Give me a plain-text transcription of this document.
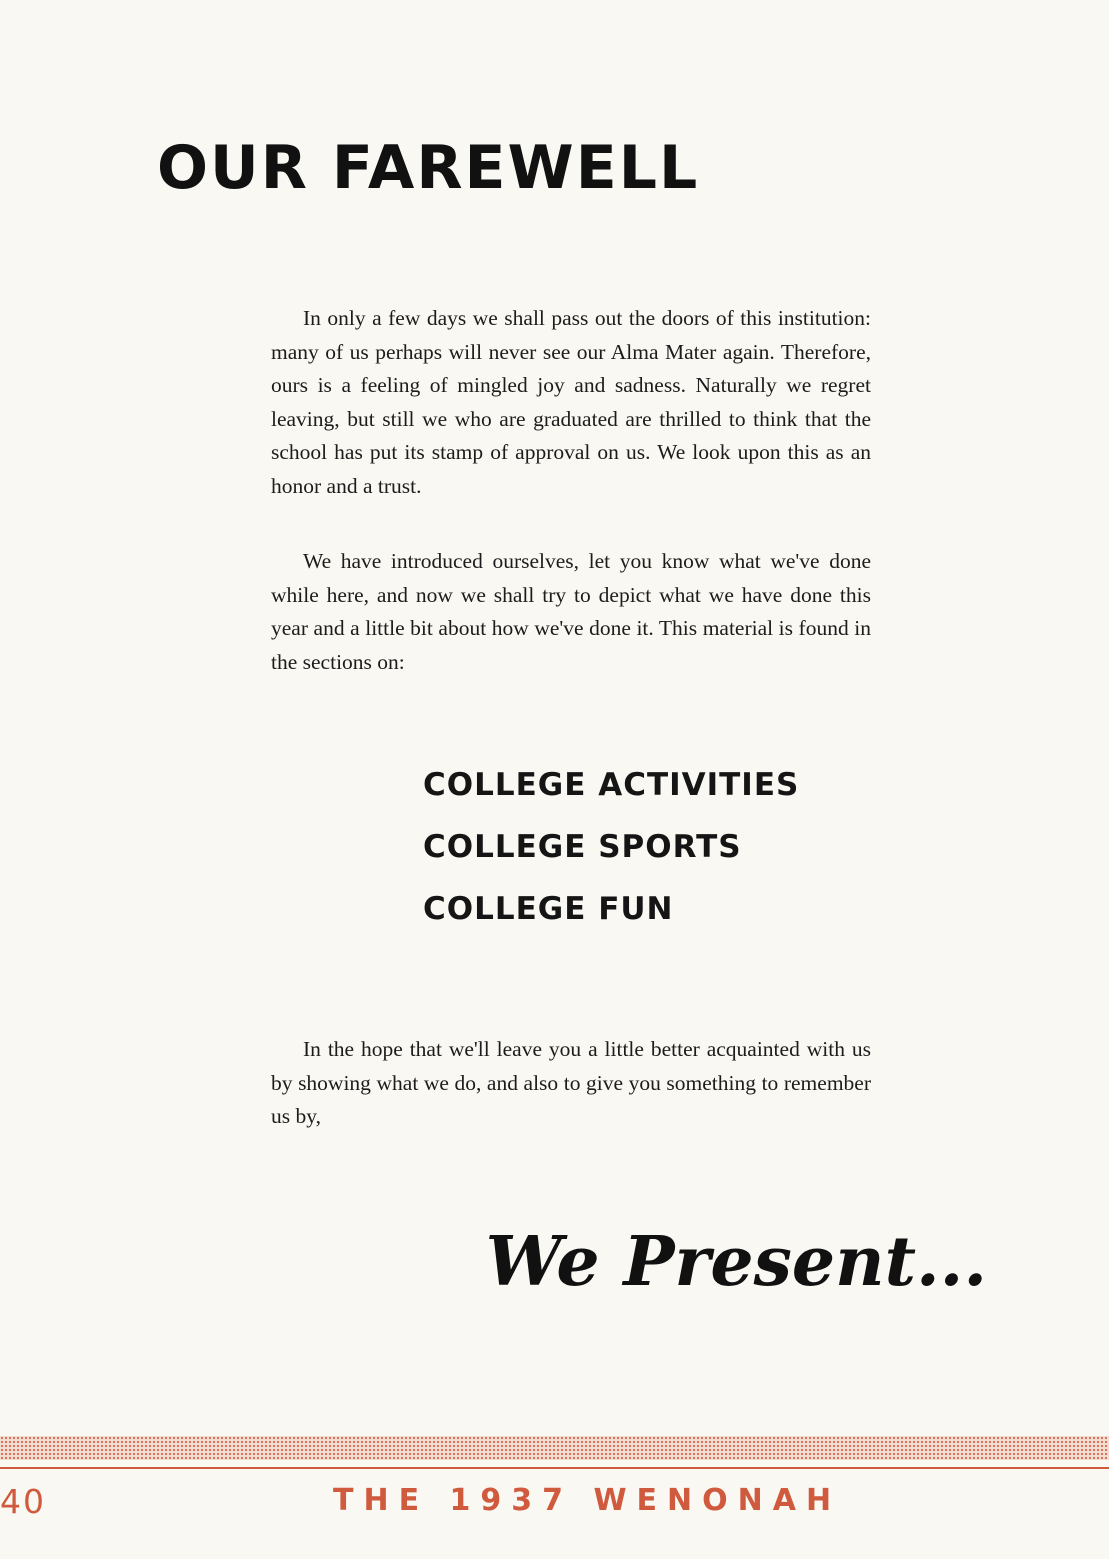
OUR FAREWELL

In only a few days we shall pass out the doors of this institution: many of us perhaps will never see our Alma Mater again. Therefore, ours is a feeling of mingled joy and sadness. Naturally we regret leaving, but still we who are graduated are thrilled to think that the school has put its stamp of approval on us. We look upon this as an honor and a trust.

We have introduced ourselves, let you know what we've done while here, and now we shall try to depict what we have done this year and a little bit about how we've done it. This material is found in the sections on:

COLLEGE ACTIVITIES
COLLEGE SPORTS
COLLEGE FUN

In the hope that we'll leave you a little better acquainted with us by showing what we do, and also to give you something to remember us by,

We Present...
40	THE 1937 WENONAH
